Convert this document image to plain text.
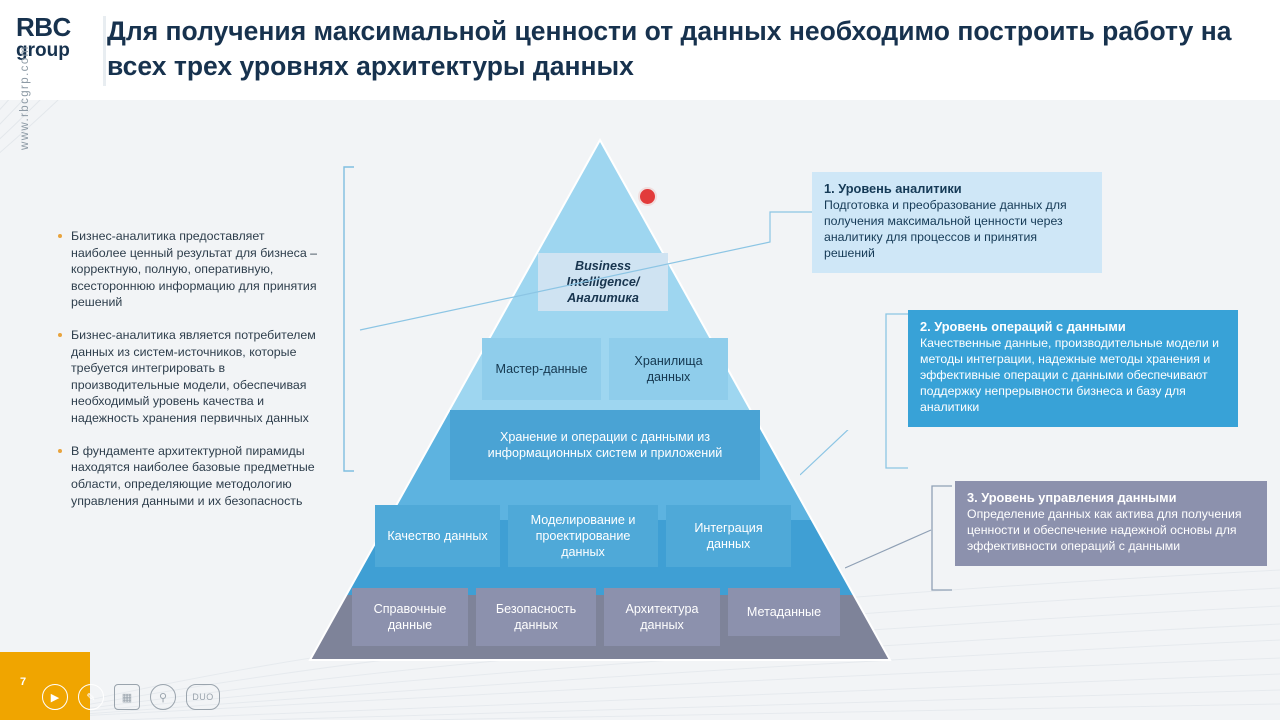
RBC
group
Для получения максимальной ценности от данных необходимо построить работу на всех трех уровнях архитектуры данных
www.rbcgrp.com
Бизнес-аналитика предоставляет наиболее ценный результат для бизнеса – корректную, полную, оперативную, всестороннюю информацию для принятия решений
Бизнес-аналитика является потребителем данных из систем-источников, которые требуется интегрировать в производительные модели, обеспечивая необходимый уровень качества и надежность хранения первичных данных
В фундаменте архитектурной пирамиды находятся наиболее базовые предметные области, определяющие методологию управления данными и их безопасность
Business Intelligence/ Аналитика
Мастер-данные
Хранилища данных
Хранение и операции с данными из информационных систем и приложений
Качество данных
Моделирование и проектирование данных
Интеграция данных
Справочные данные
Безопасность данных
Архитектура данных
Метаданные
1. Уровень аналитики
Подготовка и преобразование данных для получения максимальной ценности через аналитику для процессов и принятия решений
2. Уровень операций с данными
Качественные данные, производительные модели и методы интеграции, надежные методы хранения и эффективные операции с данными обеспечивают поддержку непрерывности бизнеса и базу для аналитики
3. Уровень управления данными
Определение данных как актива для получения ценности и обеспечение надежной основы для эффективности операций с данными
7
▶	✎	▦	⚲	DUO
